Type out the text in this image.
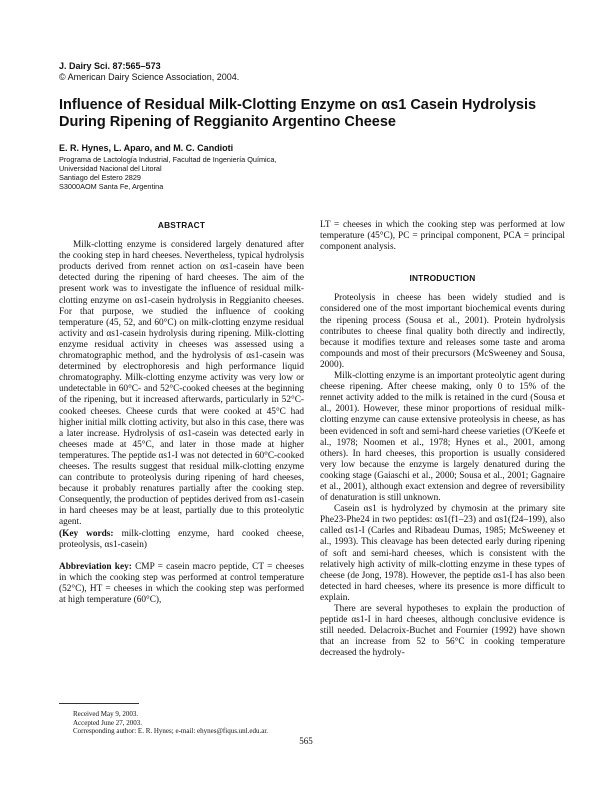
J. Dairy Sci. 87:565–573
© American Dairy Science Association, 2004.
Influence of Residual Milk-Clotting Enzyme on αs1 Casein Hydrolysis During Ripening of Reggianito Argentino Cheese
E. R. Hynes, L. Aparo, and M. C. Candioti
Programa de Lactología Industrial, Facultad de Ingeniería Química,
Universidad Nacional del Litoral
Santiago del Estero 2829
S3000AOM Santa Fe, Argentina
ABSTRACT

Milk-clotting enzyme is considered largely denatured after the cooking step in hard cheeses. Nevertheless, typical hydrolysis products derived from rennet action on αs1-casein have been detected during the ripening of hard cheeses. The aim of the present work was to investigate the influence of residual milk-clotting enzyme on αs1-casein hydrolysis in Reggianito cheeses. For that purpose, we studied the influence of cooking temperature (45, 52, and 60°C) on milk-clotting enzyme residual activity and αs1-casein hydrolysis during ripening. Milk-clotting enzyme residual activity in cheeses was assessed using a chromatographic method, and the hydrolysis of αs1-casein was determined by electrophoresis and high performance liquid chromatography. Milk-clotting enzyme activity was very low or undetectable in 60°C- and 52°C-cooked cheeses at the beginning of the ripening, but it increased afterwards, particularly in 52°C-cooked cheeses. Cheese curds that were cooked at 45°C had higher initial milk clotting activity, but also in this case, there was a later increase. Hydrolysis of αs1-casein was detected early in cheeses made at 45°C, and later in those made at higher temperatures. The peptide αs1-I was not detected in 60°C-cooked cheeses. The results suggest that residual milk-clotting enzyme can contribute to proteolysis during ripening of hard cheeses, because it probably renatures partially after the cooking step. Consequently, the production of peptides derived from αs1-casein in hard cheeses may be at least, partially due to this proteolytic agent.
(Key words: milk-clotting enzyme, hard cooked cheese, proteolysis, αs1-casein)

Abbreviation key: CMP = casein macro peptide, CT = cheeses in which the cooking step was performed at control temperature (52°C), HT = cheeses in which the cooking step was performed at high temperature (60°C),

LT = cheeses in which the cooking step was performed at low temperature (45°C), PC = principal component, PCA = principal component analysis.

INTRODUCTION

Proteolysis in cheese has been widely studied and is considered one of the most important biochemical events during the ripening process (Sousa et al., 2001). Protein hydrolysis contributes to cheese final quality both directly and indirectly, because it modifies texture and releases some taste and aroma compounds and most of their precursors (McSweeney and Sousa, 2000).

Milk-clotting enzyme is an important proteolytic agent during cheese ripening. After cheese making, only 0 to 15% of the rennet activity added to the milk is retained in the curd (Sousa et al., 2001). However, these minor proportions of residual milk-clotting enzyme can cause extensive proteolysis in cheese, as has been evidenced in soft and semi-hard cheese varieties (O'Keefe et al., 1978; Noomen et al., 1978; Hynes et al., 2001, among others). In hard cheeses, this proportion is usually considered very low because the enzyme is largely denatured during the cooking stage (Gaiaschi et al., 2000; Sousa et al., 2001; Gagnaire et al., 2001), although exact extension and degree of reversibility of denaturation is still unknown.

Casein αs1 is hydrolyzed by chymosin at the primary site Phe23-Phe24 in two peptides: αs1(f1–23) and αs1(f24–199), also called αs1-I (Carles and Ribadeau Dumas, 1985; McSweeney et al., 1993). This cleavage has been detected early during ripening of soft and semi-hard cheeses, which is consistent with the relatively high activity of milk-clotting enzyme in these types of cheese (de Jong, 1978). However, the peptide αs1-I has also been detected in hard cheeses, where its presence is more difficult to explain.

There are several hypotheses to explain the production of peptide αs1-I in hard cheeses, although conclusive evidence is still needed. Delacroix-Buchet and Fournier (1992) have shown that an increase from 52 to 56°C in cooking temperature decreased the hydroly-

Received May 9, 2003.

Accepted June 27, 2003.

Corresponding author: E. R. Hynes; e-mail: ehynes@fiqus.unl.edu.ar.

565
